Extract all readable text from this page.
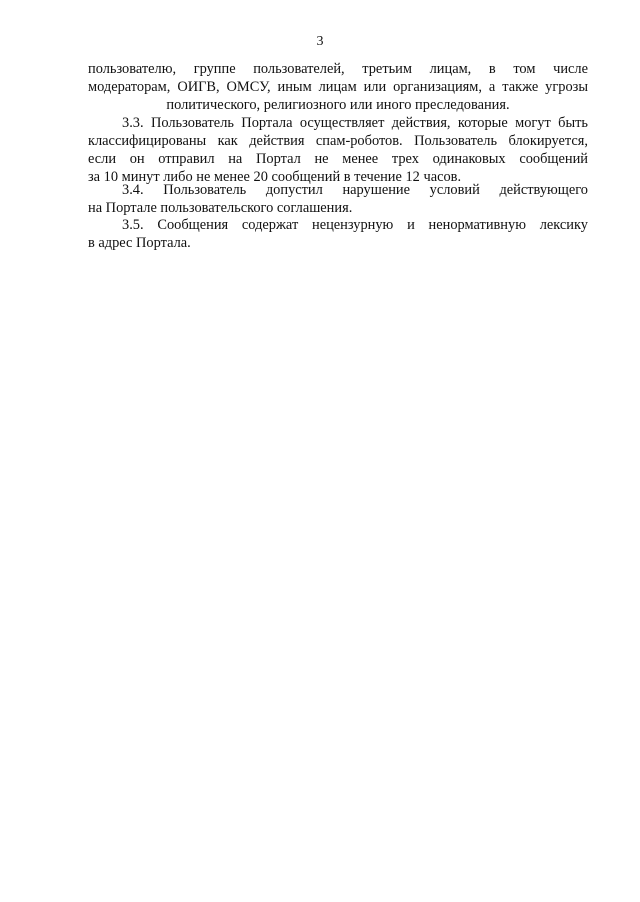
3
пользователю, группе пользователей, третьим лицам, в том числе
модераторам, ОИГВ, ОМСУ, иным лицам или организациям, а также угрозы
политического, религиозного или иного преследования.
3.3. Пользователь Портала осуществляет действия, которые могут быть
классифицированы как действия спам-роботов. Пользователь блокируется,
если он отправил на Портал не менее трех одинаковых сообщений
за 10 минут либо не менее 20 сообщений в течение 12 часов.
3.4. Пользователь допустил нарушение условий действующего
на Портале пользовательского соглашения.
3.5. Сообщения содержат нецензурную и ненормативную лексику
в адрес Портала.
